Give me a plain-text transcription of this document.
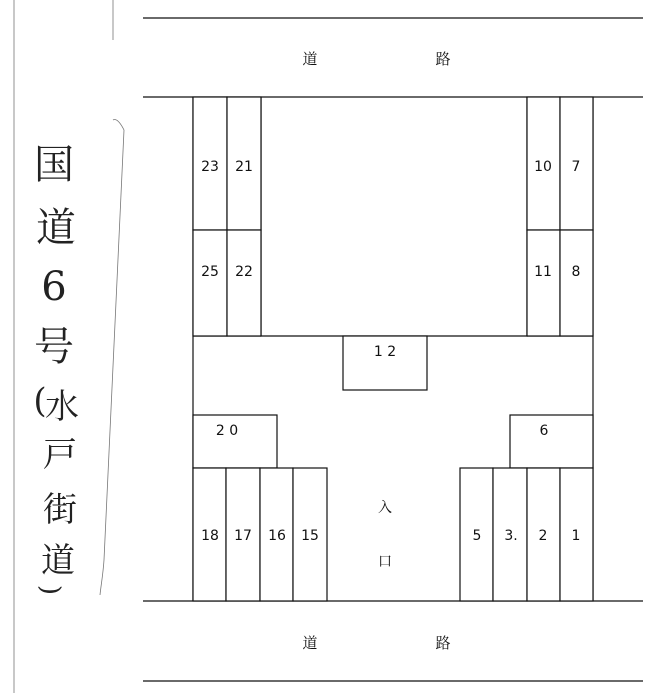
道	路
道	路
23 21
25 22
10 7
11 8
1 2
2 0	6
18 17 16 15	5 3. 2 1
入
口
国
道
6
号
(
水
戸
街
道
)
